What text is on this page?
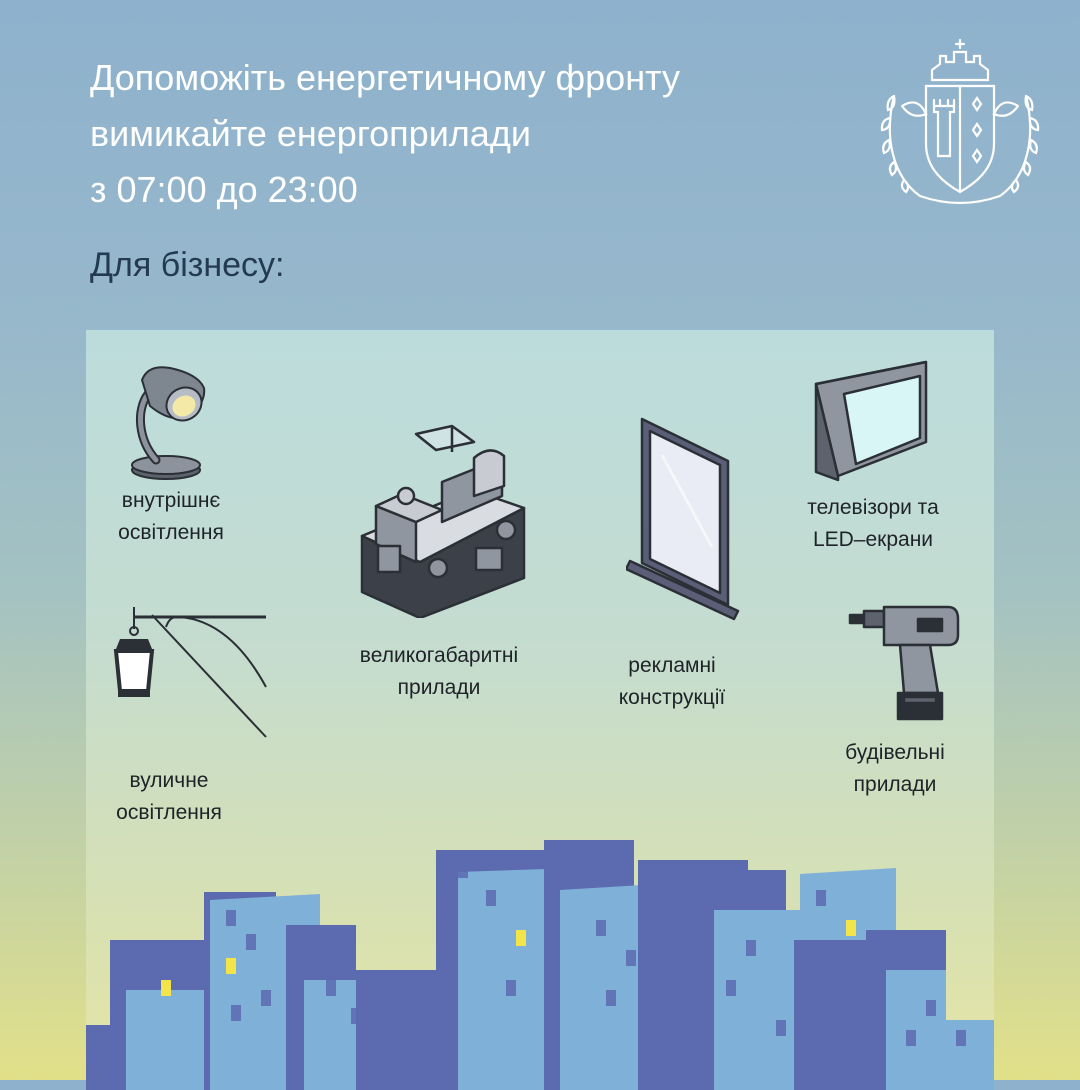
Допоможіть енергетичному фронту
вимикайте енергоприлади
з 07:00 до 23:00
Для бізнесу:
внутрішнє
освітлення
вуличне
освітлення
великогабаритні
прилади
рекламні
конструкції
телевізори та
LED–екрани
будівельні
прилади
